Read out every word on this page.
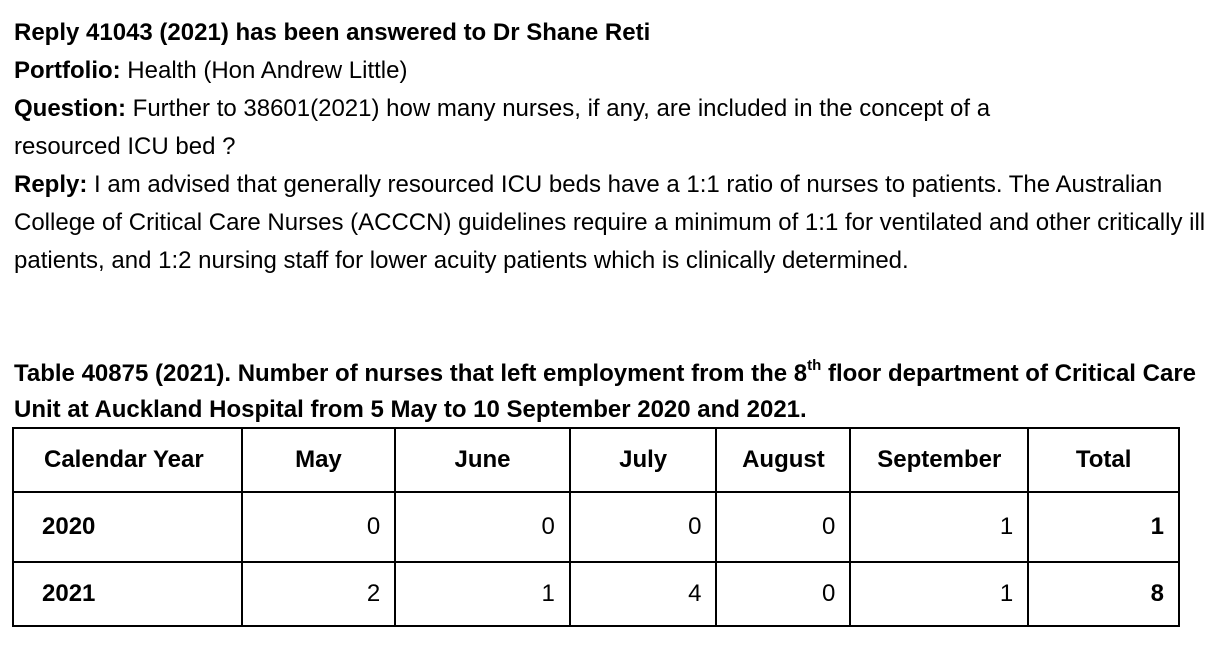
Reply 41043 (2021) has been answered to Dr Shane Reti
Portfolio: Health (Hon Andrew Little)
Question: Further to 38601(2021) how many nurses, if any, are included in the concept of a
resourced ICU bed ?
Reply: I am advised that generally resourced ICU beds have a 1:1 ratio of nurses to patients. The Australian College of Critical Care Nurses (ACCCN) guidelines require a minimum of 1:1 for ventilated and other critically ill patients, and 1:2 nursing staff for lower acuity patients which is clinically determined.
Table 40875 (2021). Number of nurses that left employment from the 8th floor department of Critical Care Unit at Auckland Hospital from 5 May to 10 September 2020 and 2021.
Calendar Year	May	June	July	August	September	Total
2020	0	0	0	0	1	1
2021	2	1	4	0	1	8
